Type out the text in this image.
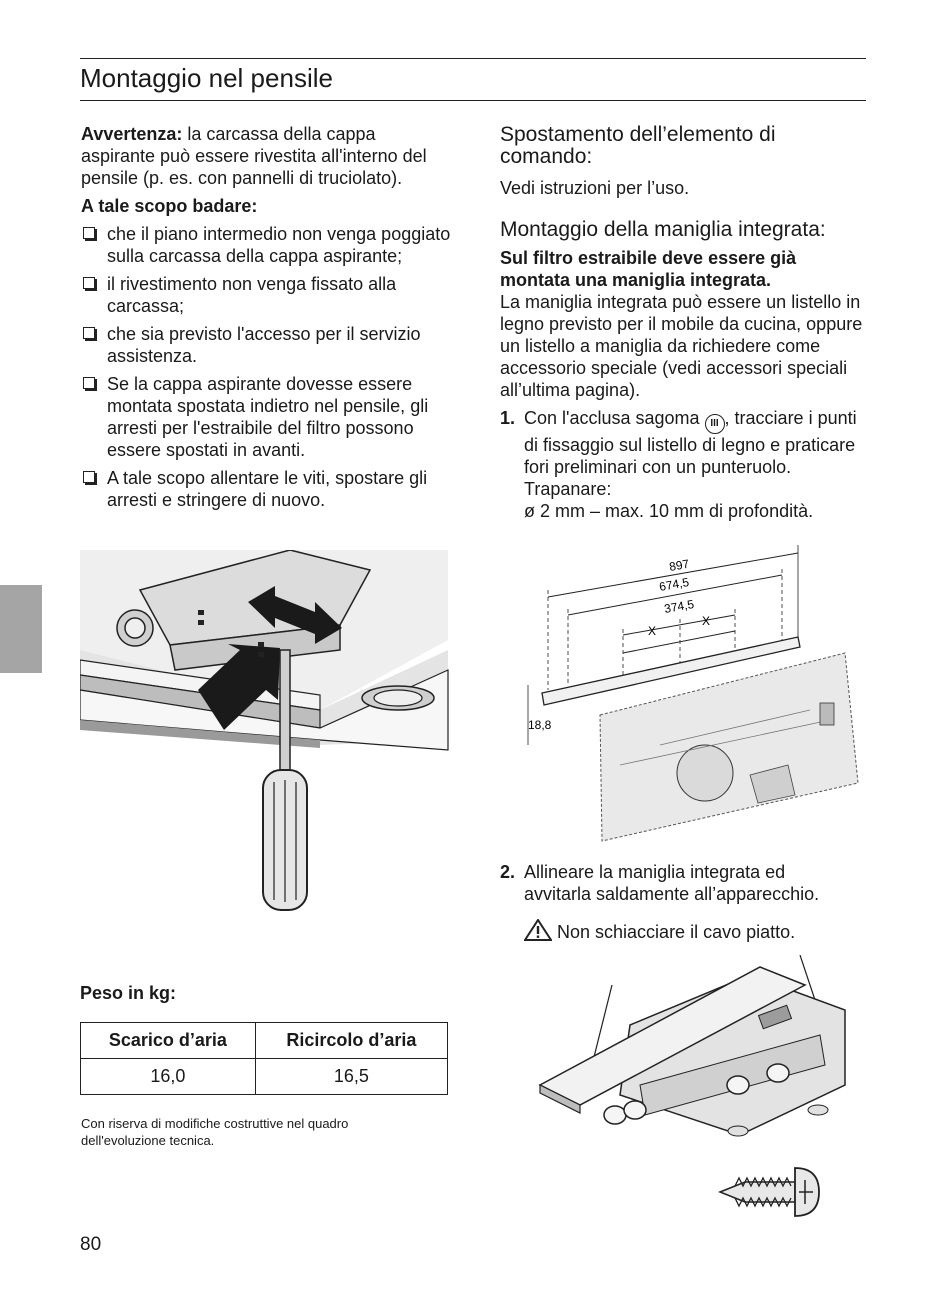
Montaggio nel pensile

Avvertenza: la carcassa della cappa aspirante può essere rivestita all'interno del pensile (p. es. con pannelli di truciolato).

A tale scopo badare:

che il piano intermedio non venga poggiato sulla carcassa della cappa aspirante;
il rivestimento non venga fissato alla carcassa;
che sia previsto l'accesso per il servizio assistenza.
Se la cappa aspirante dovesse essere montata spostata indietro nel pensile, gli arresti per l'estraibile del filtro possono essere spostati in avanti.
A tale scopo allentare le viti, spostare gli arresti e stringere di nuovo.
Peso in kg:
Scarico d’aria	Ricircolo d’aria
16,0	16,5
Con riserva di modifiche costruttive nel quadro dell'evoluzione tecnica.
80
Spostamento dell’elemento di comando:

Vedi istruzioni per l’uso.

Montaggio della maniglia integrata:

Sul filtro estraibile deve essere già montata una maniglia integrata.

La maniglia integrata può essere un listello in legno previsto per il mobile da cucina, oppure un listello a maniglia da richiedere come accessorio speciale (vedi accessori speciali all’ultima pagina).

1. Con l'acclusa sagoma III , tracciare i punti di fissaggio sul listello di legno e praticare fori preliminari con un punteruolo.
Trapanare:
ø 2 mm – max. 10 mm di profondità.
897
674,5
374,5
X
X
18,8
2. Allineare la maniglia integrata ed avvitarla saldamente all’apparecchio.
Non schiacciare il cavo piatto.
